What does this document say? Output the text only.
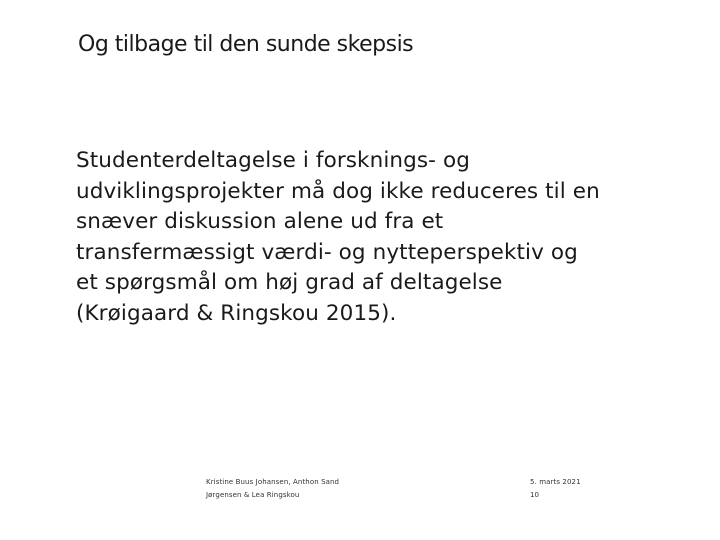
Og tilbage til den sunde skepsis
Studenterdeltagelse i forsknings- og
udviklingsprojekter må dog ikke reduceres til en
snæver diskussion alene ud fra et
transfermæssigt værdi- og nytteperspektiv og
et spørgsmål om høj grad af deltagelse
(Krøigaard & Ringskou 2015).
Kristine Buus Johansen, Anthon Sand
Jørgensen & Lea Ringskou
5. marts 2021
10
